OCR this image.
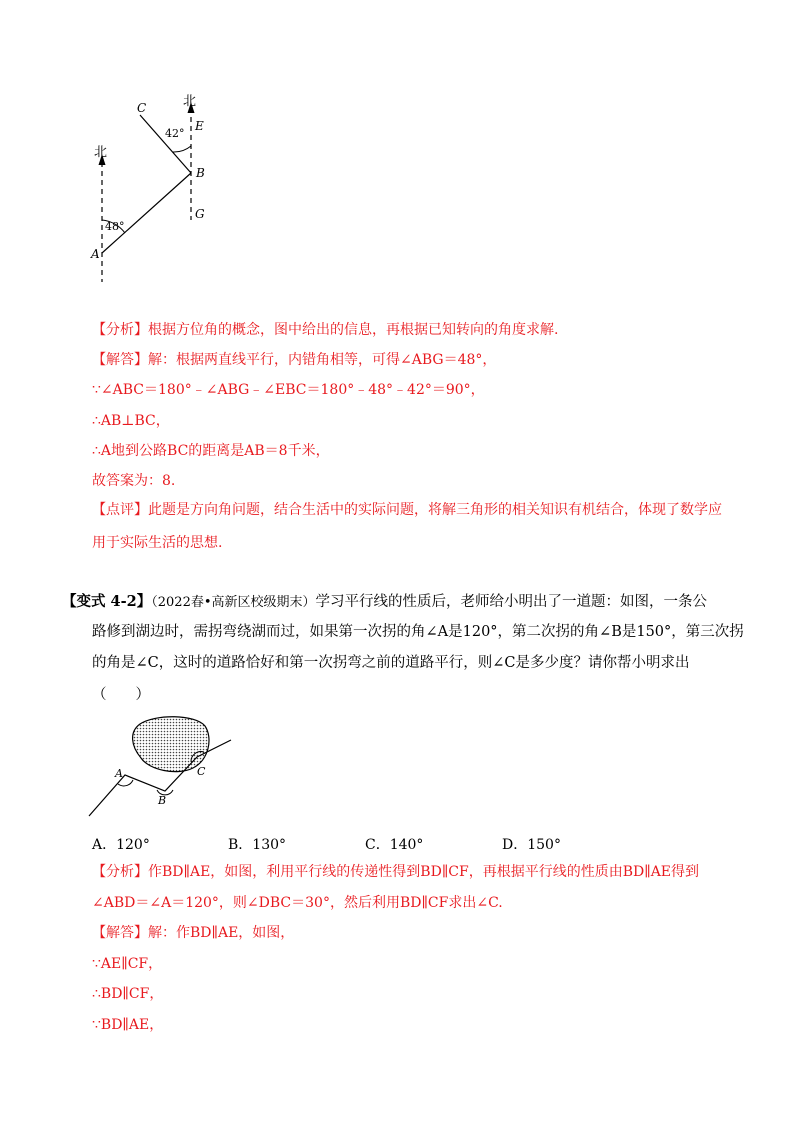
北
北
C
E
B
G
A
42°
48°
【分析】根据方位角的概念，图中给出的信息，再根据已知转向的角度求解.
【解答】解：根据两直线平行，内错角相等，可得∠ABG＝48°，
∵∠ABC＝180°﹣∠ABG﹣∠EBC＝180°﹣48°﹣42°＝90°，
∴AB⊥BC，
∴A地到公路BC的距离是AB＝8千米，
故答案为：8.
【点评】此题是方向角问题，结合生活中的实际问题，将解三角形的相关知识有机结合，体现了数学应
用于实际生活的思想.
【变式 4-2】（2022春•高新区校级期末）学习平行线的性质后，老师给小明出了一道题：如图，一条公
路修到湖边时，需拐弯绕湖而过，如果第一次拐的角∠A是120°，第二次拐的角∠B是150°，第三次拐
的角是∠C，这时的道路恰好和第一次拐弯之前的道路平行，则∠C是多少度？请你帮小明求出
（　　）
A
B
C
A．120°	B．130°	C．140°	D．150°
【分析】作BD∥AE，如图，利用平行线的传递性得到BD∥CF，再根据平行线的性质由BD∥AE得到
∠ABD＝∠A＝120°，则∠DBC＝30°，然后利用BD∥CF求出∠C.
【解答】解：作BD∥AE，如图，
∵AE∥CF，
∴BD∥CF，
∵BD∥AE，
